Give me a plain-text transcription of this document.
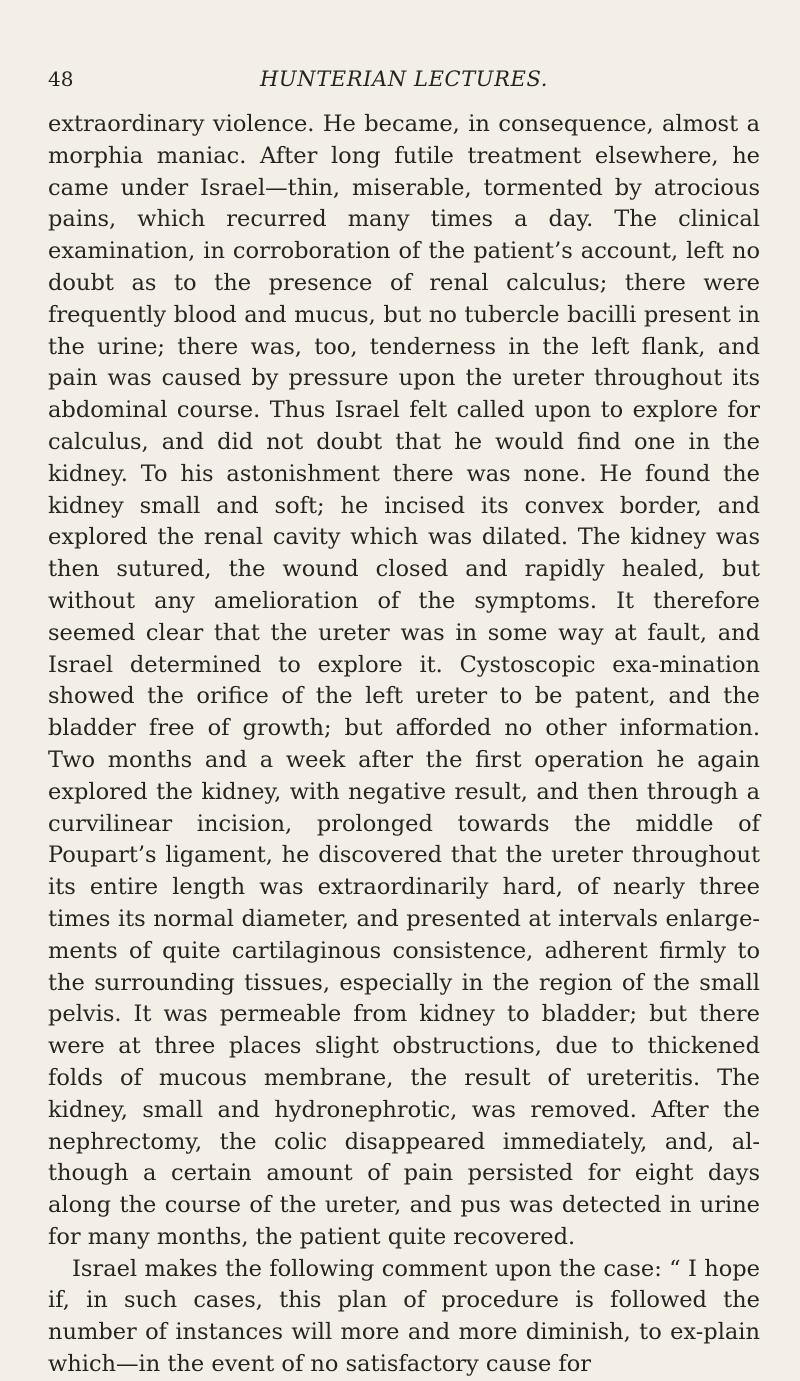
48	HUNTERIAN LECTURES.

extraordinary violence. He became, in consequence, almost a morphia maniac. After long futile treatment elsewhere, he came under Israel—thin, miserable, tormented by atrocious pains, which recurred many times a day. The clinical examination, in corroboration of the patient’s account, left no doubt as to the presence of renal calculus; there were frequently blood and mucus, but no tubercle bacilli present in the urine; there was, too, tenderness in the left flank, and pain was caused by pressure upon the ureter throughout its abdominal course. Thus Israel felt called upon to explore for calculus, and did not doubt that he would find one in the kidney. To his astonishment there was none. He found the kidney small and soft; he incised its convex border, and explored the renal cavity which was dilated. The kidney was then sutured, the wound closed and rapidly healed, but without any amelioration of the symptoms. It therefore seemed clear that the ureter was in some way at fault, and Israel determined to explore it. Cystoscopic exa-mination showed the orifice of the left ureter to be patent, and the bladder free of growth; but afforded no other information. Two months and a week after the first operation he again explored the kidney, with negative result, and then through a curvilinear incision, prolonged towards the middle of Poupart’s ligament, he discovered that the ureter throughout its entire length was extraordinarily hard, of nearly three times its normal diameter, and presented at intervals enlarge-ments of quite cartilaginous consistence, adherent firmly to the surrounding tissues, especially in the region of the small pelvis. It was permeable from kidney to bladder; but there were at three places slight obstructions, due to thickened folds of mucous membrane, the result of ureteritis. The kidney, small and hydronephrotic, was removed. After the nephrectomy, the colic disappeared immediately, and, al-though a certain amount of pain persisted for eight days along the course of the ureter, and pus was detected in urine for many months, the patient quite recovered.

Israel makes the following comment upon the case: “ I hope if, in such cases, this plan of procedure is followed the number of instances will more and more diminish, to ex-plain which—in the event of no satisfactory cause for
